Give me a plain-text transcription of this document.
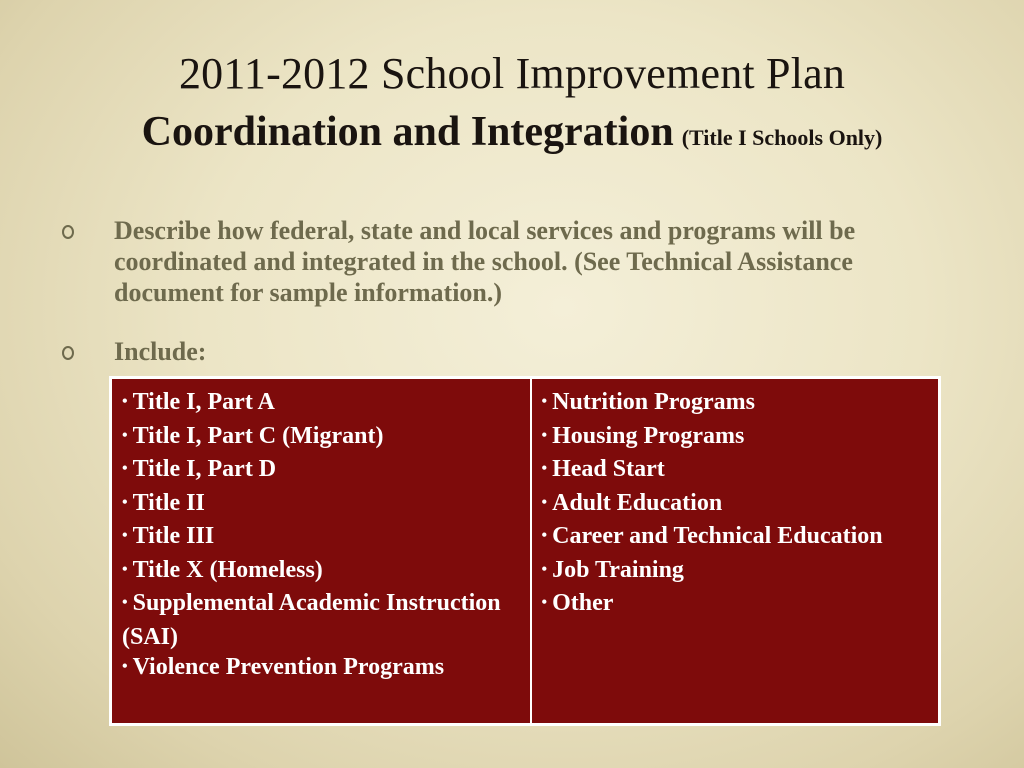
2011-2012 School Improvement Plan
Coordination and Integration (Title I Schools Only)
Describe how federal, state and local services and programs will be coordinated and integrated in the school. (See Technical Assistance document for sample information.)
Include:
• Title I, Part A
• Title I, Part C (Migrant)
• Title I, Part D
• Title II
• Title III
• Title X (Homeless)
• Supplemental Academic Instruction (SAI)
• Violence Prevention Programs

• Nutrition Programs
• Housing Programs
• Head Start
• Adult Education
• Career and Technical Education
• Job Training
• Other
